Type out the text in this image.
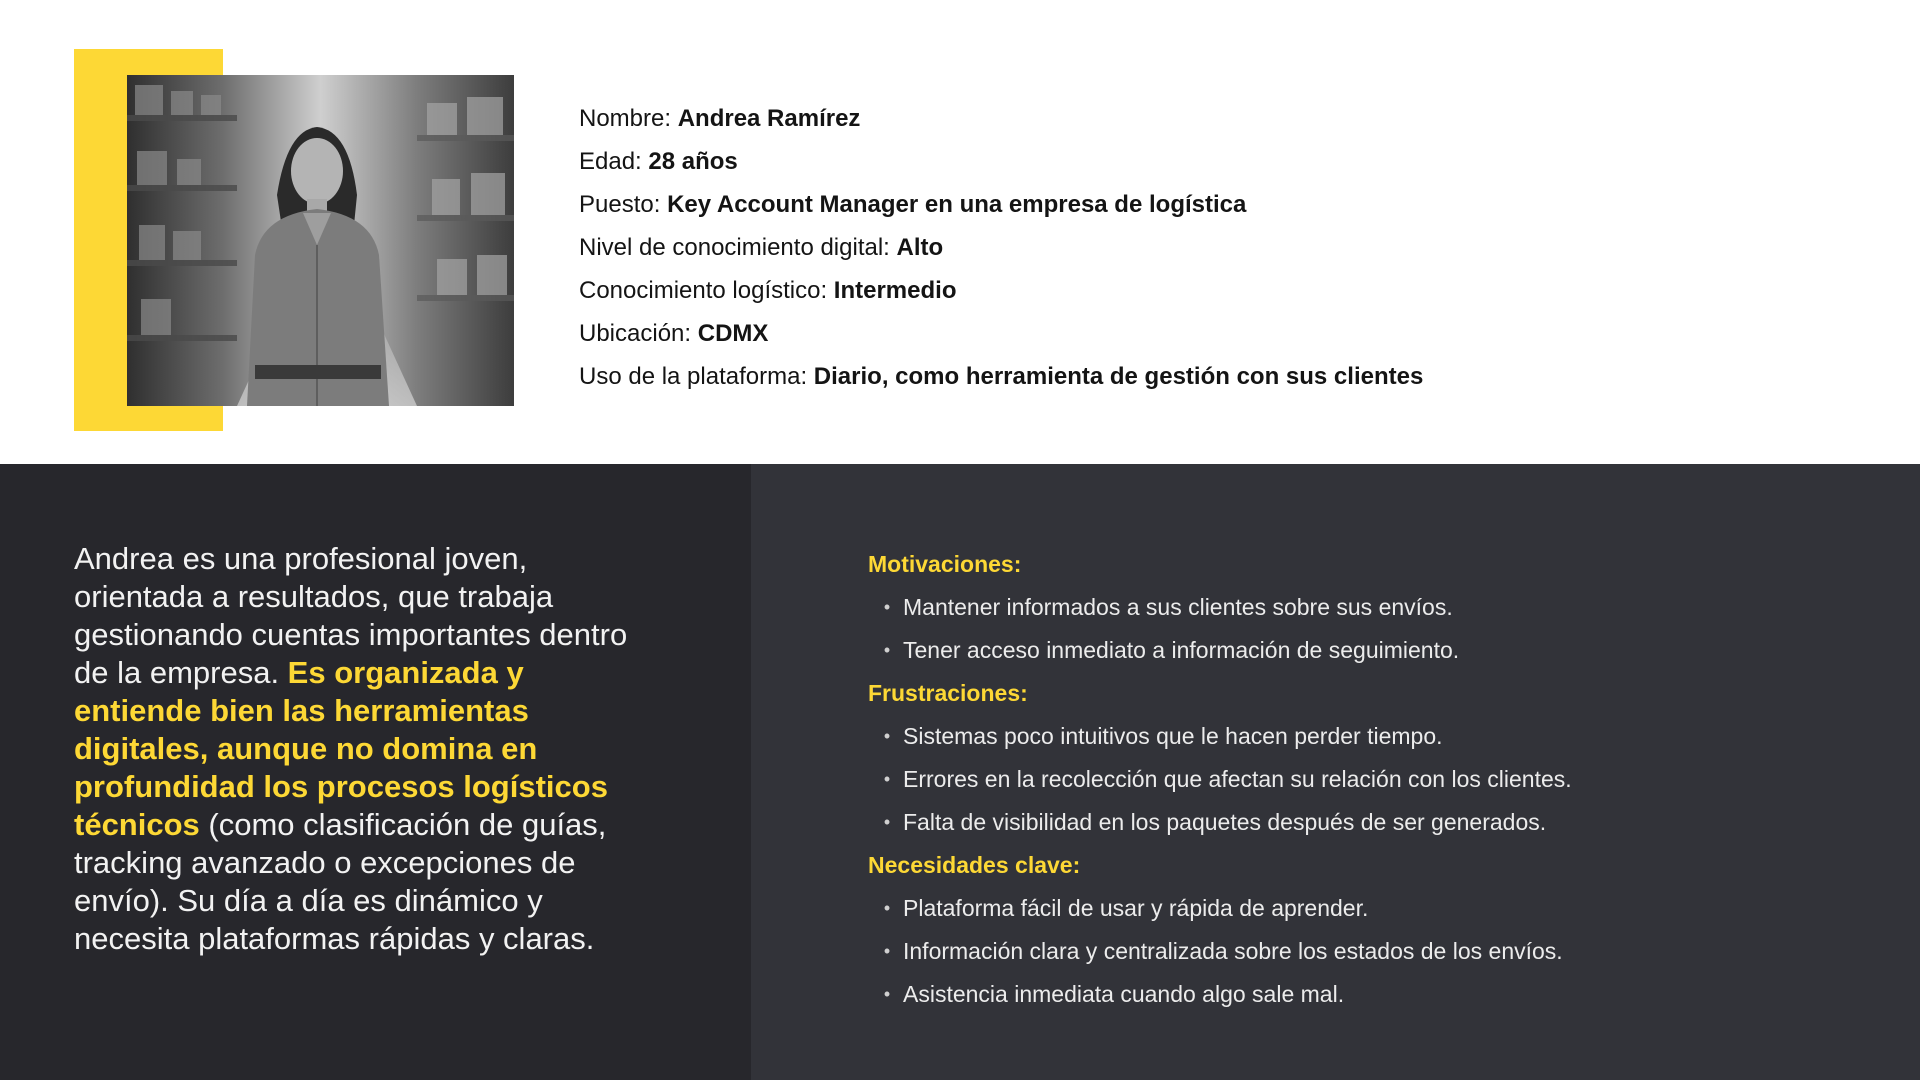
Nombre: Andrea Ramírez
Edad: 28 años
Puesto: Key Account Manager en una empresa de logística
Nivel de conocimiento digital: Alto
Conocimiento logístico: Intermedio
Ubicación: CDMX
Uso de la plataforma: Diario, como herramienta de gestión con sus clientes

Andrea es una profesional joven, orientada a resultados, que trabaja gestionando cuentas importantes dentro de la empresa. Es organizada y entiende bien las herramientas digitales, aunque no domina en profundidad los procesos logísticos técnicos (como clasificación de guías, tracking avanzado o excepciones de envío). Su día a día es dinámico y necesita plataformas rápidas y claras.

Motivaciones:
• Mantener informados a sus clientes sobre sus envíos.
• Tener acceso inmediato a información de seguimiento.
Frustraciones:
• Sistemas poco intuitivos que le hacen perder tiempo.
• Errores en la recolección que afectan su relación con los clientes.
• Falta de visibilidad en los paquetes después de ser generados.
Necesidades clave:
• Plataforma fácil de usar y rápida de aprender.
• Información clara y centralizada sobre los estados de los envíos.
• Asistencia inmediata cuando algo sale mal.
